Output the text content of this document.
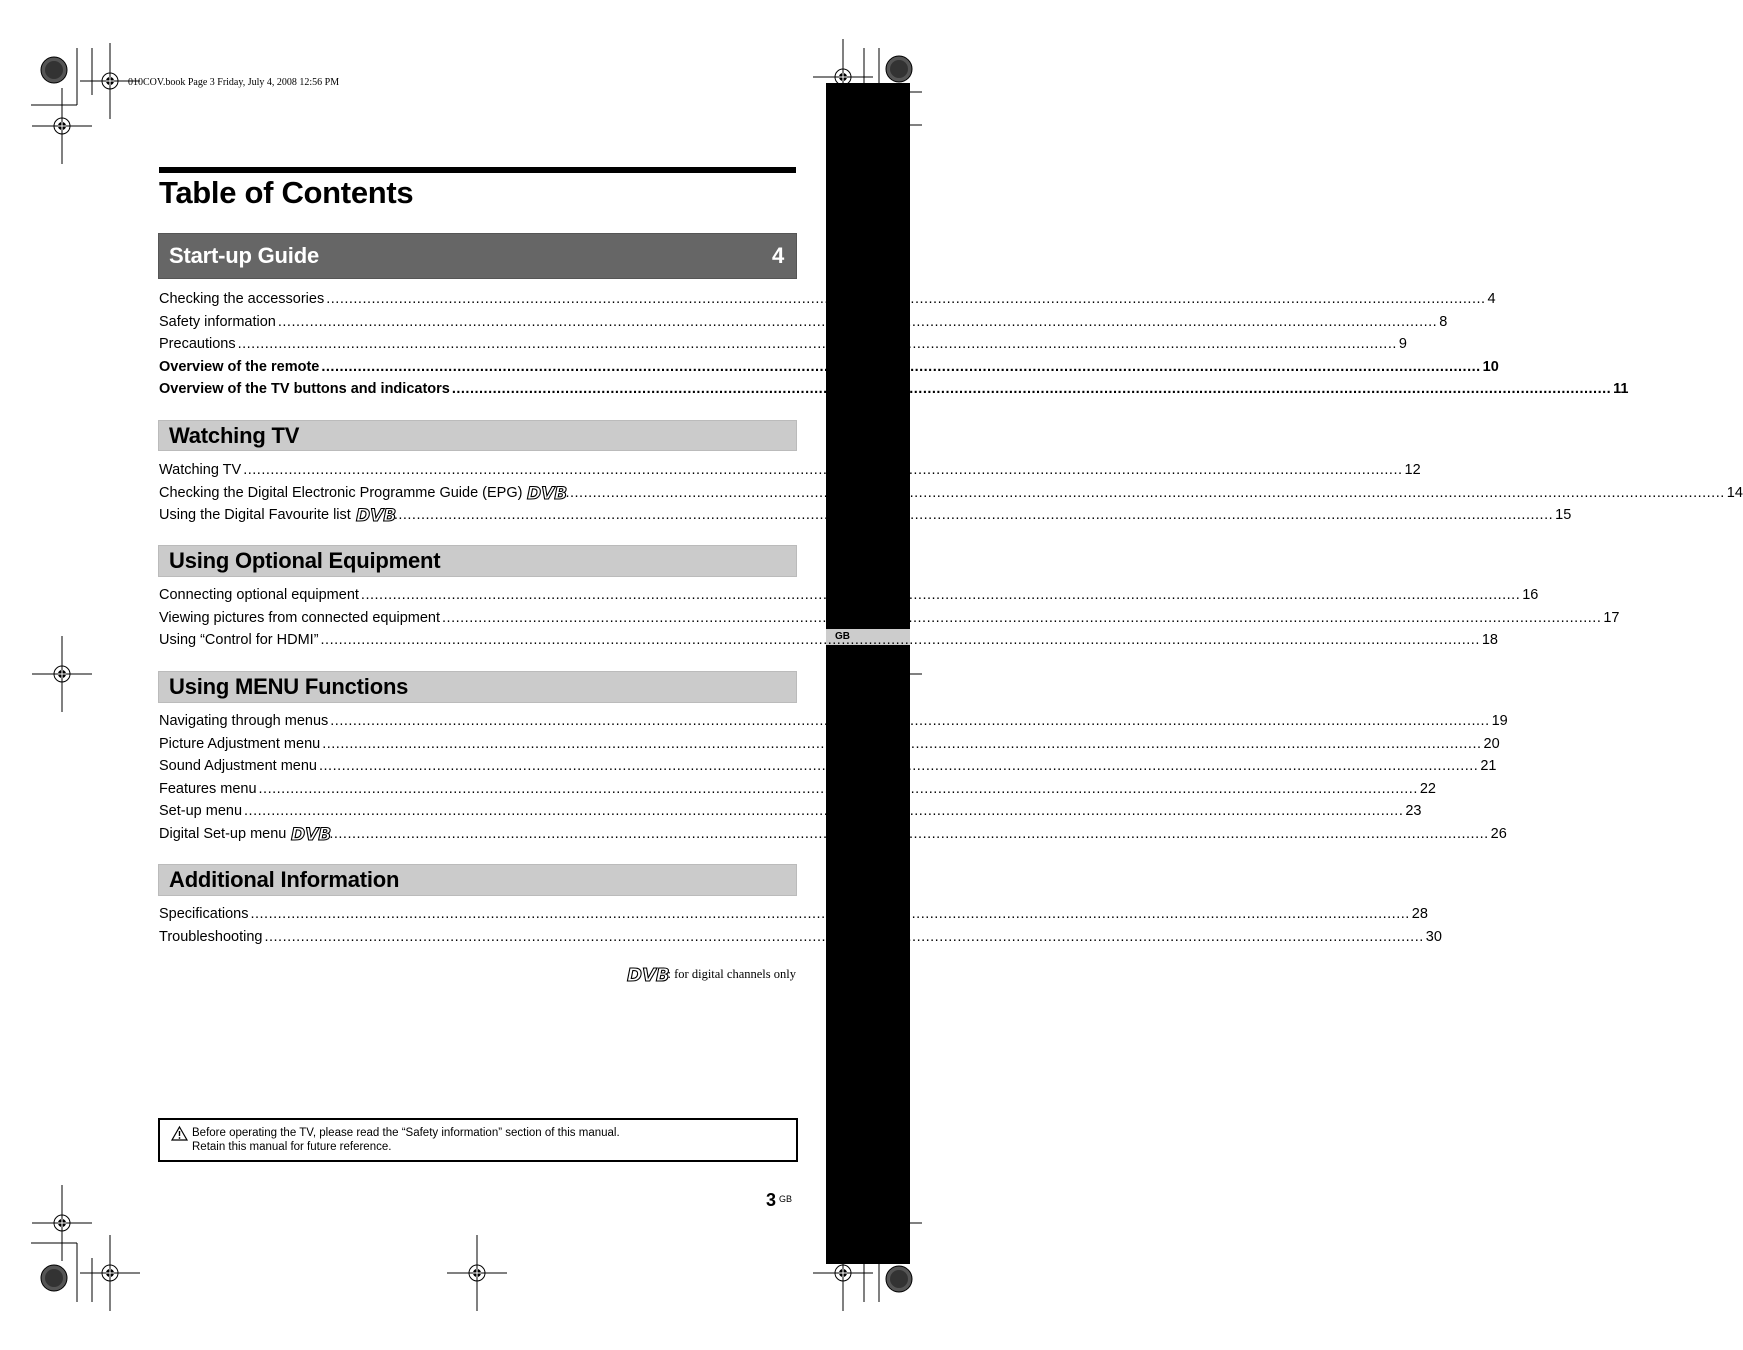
GB
010COV.book Page 3 Friday, July 4, 2008 12:56 PM
Table of Contents
Start-up Guide	4
Checking the accessories .....	4
Safety information .....	8
Precautions .....	9
Overview of the remote .....	10
Overview of the TV buttons and indicators .....	11
Watching TV
Watching TV .....	12
Checking the Digital Electronic Programme Guide (EPG) DVB .....	14
Using the Digital Favourite list DVB .....	15
Using Optional Equipment
Connecting optional equipment .....	16
Viewing pictures from connected equipment .....	17
Using “Control for HDMI” .....	18
Using MENU Functions
Navigating through menus .....	19
Picture Adjustment menu .....	20
Sound Adjustment menu .....	21
Features menu .....	22
Set-up menu .....	23
Digital Set-up menu DVB .....	26
Additional Information
Specifications .....	28
Troubleshooting .....	30
DVB
: for digital channels only
Before operating the TV, please read the “Safety information” section of this manual.
Retain this manual for future reference.
3 $^{GB}$
